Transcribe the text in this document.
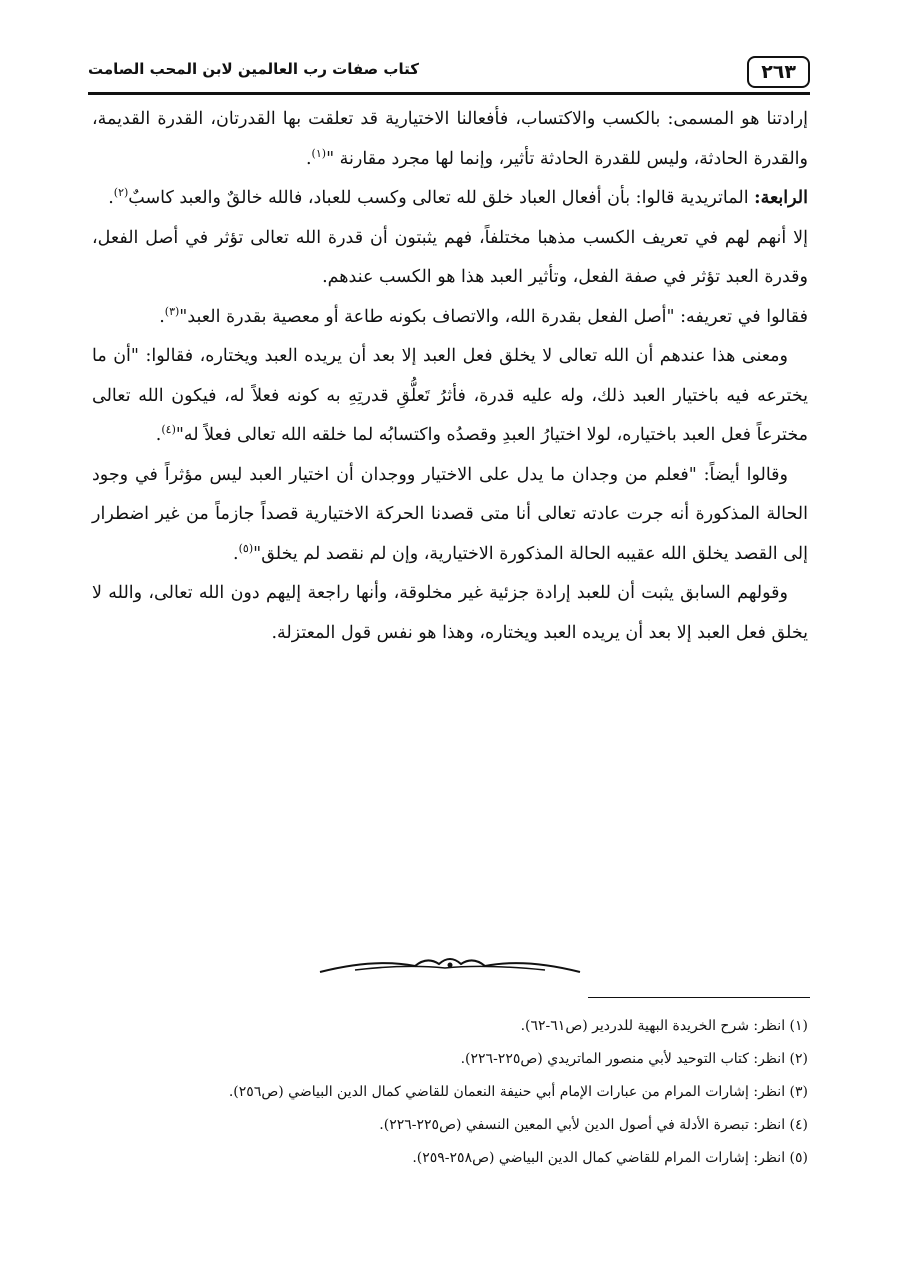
٢٦٣
كتاب صفات رب العالمين لابن المحب الصامت

إرادتنا هو المسمى: بالكسب والاكتساب، فأفعالنا الاختيارية قد تعلقت بها القدرتان، القدرة القديمة، والقدرة الحادثة، وليس للقدرة الحادثة تأثير، وإنما لها مجرد مقارنة "$^{(١)}$.

الرابعة: الماتريدية قالوا: بأن أفعال العباد خلق لله تعالى وكسب للعباد، فالله خالقٌ والعبد كاسبٌ$^{(٢)}$.

إلا أنهم لهم في تعريف الكسب مذهبا مختلفاً، فهم يثبتون أن قدرة الله تعالى تؤثر في أصل الفعل، وقدرة العبد تؤثر في صفة الفعل، وتأثير العبد هذا هو الكسب عندهم.

فقالوا في تعريفه: "أصل الفعل بقدرة الله، والاتصاف بكونه طاعة أو معصية بقدرة العبد"$^{(٣)}$.

ومعنى هذا عندهم أن الله تعالى لا يخلق فعل العبد إلا بعد أن يريده العبد ويختاره، فقالوا: "أن ما يخترعه فيه باختيار العبد ذلك، وله عليه قدرة، فأثرُ تَعلُّقِ قدرتِهِ به كونه فعلاً له، فيكون الله تعالى مخترعاً فعل العبد باختياره، لولا اختيارُ العبدِ وقصدُه واكتسابُه لما خلقه الله تعالى فعلاً له"$^{(٤)}$.

وقالوا أيضاً: "فعلم من وجدان ما يدل على الاختيار ووجدان أن اختيار العبد ليس مؤثراً في وجود الحالة المذكورة أنه جرت عادته تعالى أنا متى قصدنا الحركة الاختيارية قصداً جازماً من غير اضطرار إلى القصد يخلق الله عقيبه الحالة المذكورة الاختيارية، وإن لم نقصد لم يخلق"$^{(٥)}$.

وقولهم السابق يثبت أن للعبد إرادة جزئية غير مخلوقة، وأنها راجعة إليهم دون الله تعالى، والله لا يخلق فعل العبد إلا بعد أن يريده العبد ويختاره، وهذا هو نفس قول المعتزلة.

(١) انظر: شرح الخريدة البهية للدردير (ص٦١-٦٢).

(٢) انظر: كتاب التوحيد لأبي منصور الماتريدي (ص٢٢٥-٢٢٦).

(٣) انظر: إشارات المرام من عبارات الإمام أبي حنيفة النعمان للقاضي كمال الدين البياضي (ص٢٥٦).

(٤) انظر: تبصرة الأدلة في أصول الدين لأبي المعين النسفي (ص٢٢٥-٢٢٦).

(٥) انظر: إشارات المرام للقاضي كمال الدين البياضي (ص٢٥٨-٢٥٩).
